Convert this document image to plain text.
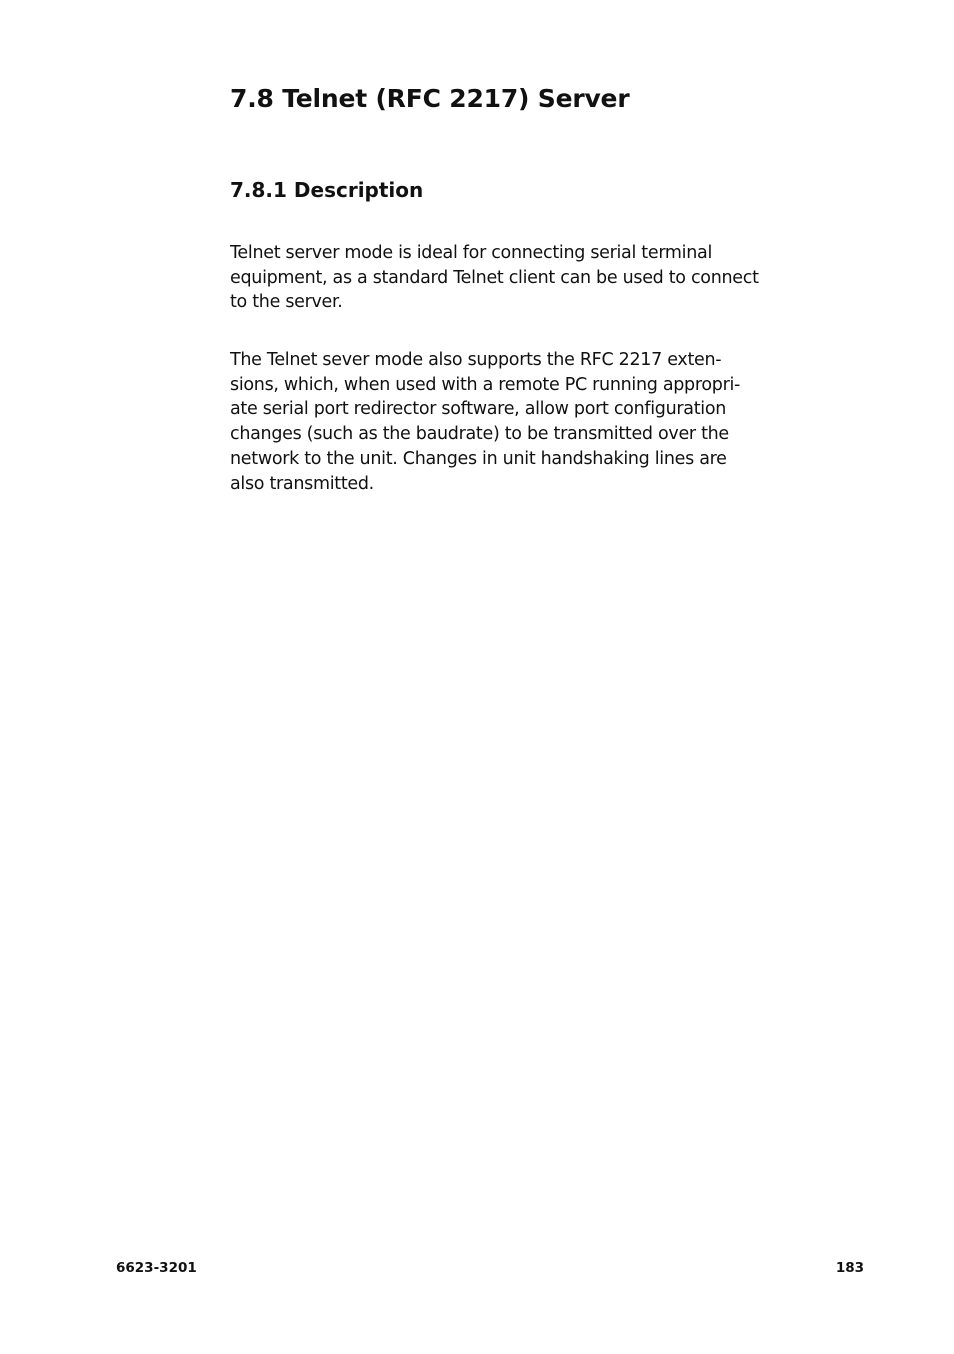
7.8 Telnet (RFC 2217) Server
7.8.1 Description

Telnet server mode is ideal for connecting serial terminal
equipment, as a standard Telnet client can be used to connect
to the server.

The Telnet sever mode also supports the RFC 2217 exten-
sions, which, when used with a remote PC running appropri-
ate serial port redirector software, allow port configuration
changes (such as the baudrate) to be transmitted over the
network to the unit. Changes in unit handshaking lines are
also transmitted.

6623-3201	183
